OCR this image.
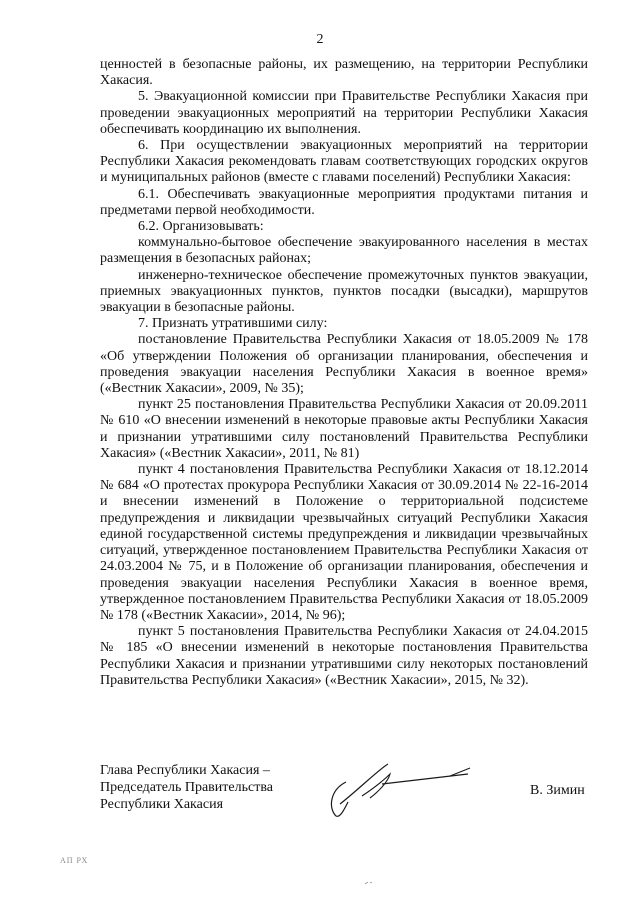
2

ценностей в безопасные районы, их размещению, на территории Республики Хакасия.

5. Эвакуационной комиссии при Правительстве Республики Хакасия при проведении эвакуационных мероприятий на территории Республики Хакасия обеспечивать координацию их выполнения.

6. При осуществлении эвакуационных мероприятий на территории Республики Хакасия рекомендовать главам соответствующих городских округов и муниципальных районов (вместе с главами поселений) Республики Хакасия:

6.1. Обеспечивать эвакуационные мероприятия продуктами питания и предметами первой необходимости.

6.2. Организовывать:

коммунально-бытовое обеспечение эвакуированного населения в местах размещения в безопасных районах;

инженерно-техническое обеспечение промежуточных пунктов эвакуации, приемных эвакуационных пунктов, пунктов посадки (высадки), маршрутов эвакуации в безопасные районы.

7. Признать утратившими силу:

постановление Правительства Республики Хакасия от 18.05.2009 № 178 «Об утверждении Положения об организации планирования, обеспечения и проведения эвакуации населения Республики Хакасия в военное время» («Вестник Хакасии», 2009, № 35);

пункт 25 постановления Правительства Республики Хакасия от 20.09.2011 № 610 «О внесении изменений в некоторые правовые акты Республики Хакасия и признании утратившими силу постановлений Правительства Республики Хакасия» («Вестник Хакасии», 2011, № 81)

пункт 4 постановления Правительства Республики Хакасия от 18.12.2014 № 684 «О протестах прокурора Республики Хакасия от 30.09.2014 № 22-16-2014 и внесении изменений в Положение о территориальной подсистеме предупреждения и ликвидации чрезвычайных ситуаций Республики Хакасия единой государственной системы предупреждения и ликвидации чрезвычайных ситуаций, утвержденное постановлением Правительства Республики Хакасия от 24.03.2004 № 75, и в Положение об организации планирования, обеспечения и проведения эвакуации населения Республики Хакасия в военное время, утвержденное постановлением Правительства Республики Хакасия от 18.05.2009 № 178 («Вестник Хакасии», 2014, № 96);

пункт 5 постановления Правительства Республики Хакасия от 24.04.2015 № 185 «О внесении изменений в некоторые постановления Правительства Республики Хакасия и признании утратившими силу некоторых постановлений Правительства Республики Хакасия» («Вестник Хакасии», 2015, № 32).

Глава Республики Хакасия –
Председатель Правительства
Республики Хакасия
В. Зимин
АП РХ
